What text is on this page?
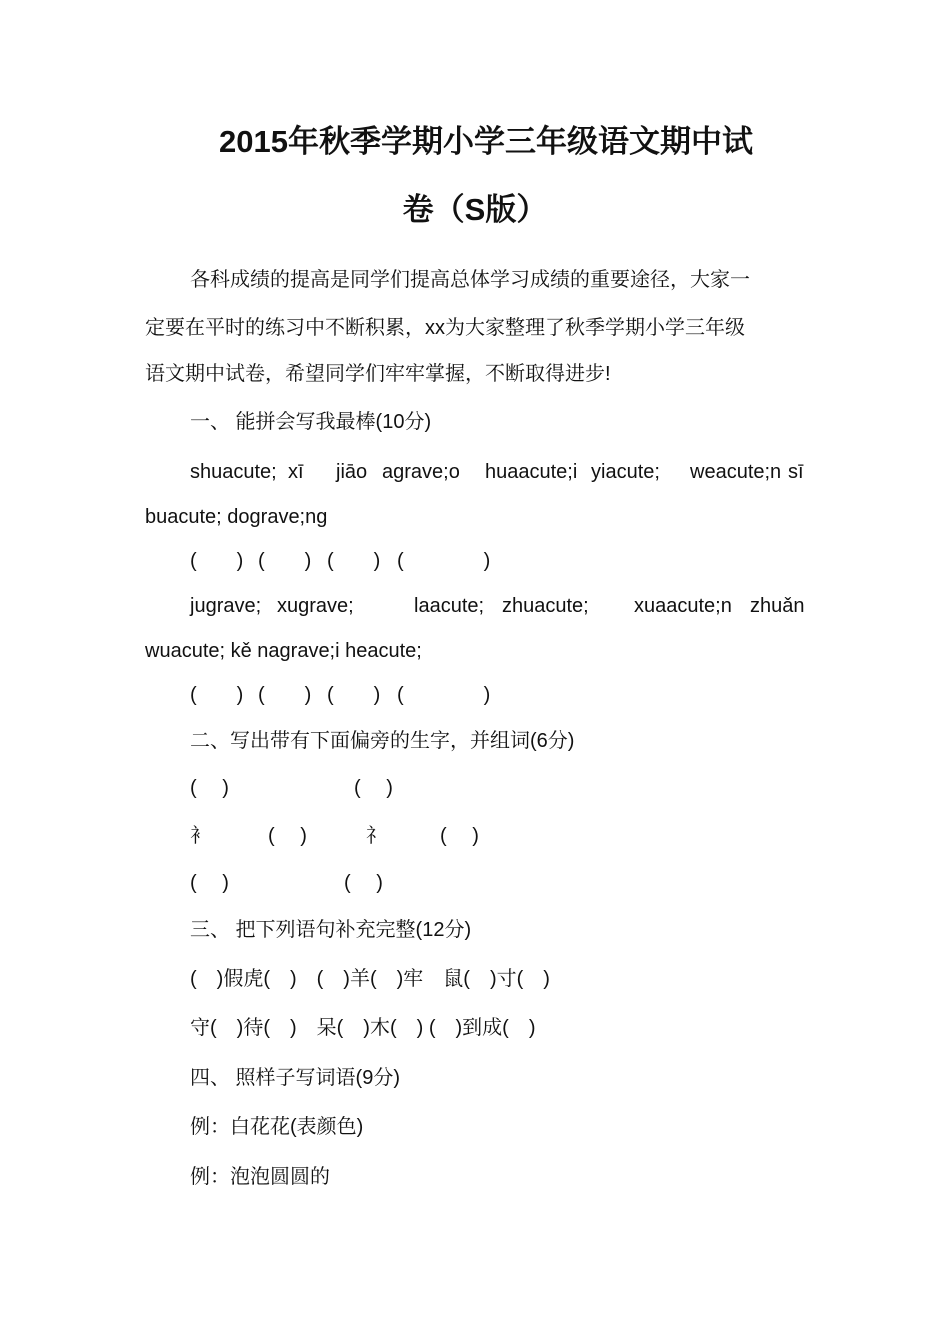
2015年秋季学期小学三年级语文期中试
卷（S版）
各科成绩的提高是同学们提高总体学习成绩的重要途径，大家一
定要在平时的练习中不断积累，xx为大家整理了秋季学期小学三年级
语文期中试卷，希望同学们牢牢掌握，不断取得进步!
一、 能拼会写我最棒(10分)
shuacute; xī jiāo agrave;o huaacute;i yiacute; weacute;n sī
buacute; dograve;ng
(　　) (　　) (　　) (　　　　)
jugrave; xugrave;	laacute; zhuacute; xuaacute;n zhuǎn
wuacute; kě nagrave;i heacute;
(　　) (　　) (　　) (　　　　)
二、写出带有下面偏旁的生字，并组词(6分)
(　 )	(　 )
衤	(　 )	礻	(　 )
(　 )	(　 )
三、 把下列语句补充完整(12分)
(　)假虎(　)　(　)羊(　)牢　鼠(　)寸(　)
守(　)待(　)　呆(　)木(　) (　)到成(　)
四、 照样子写词语(9分)
例：白花花(表颜色)
例：泡泡圆圆的
